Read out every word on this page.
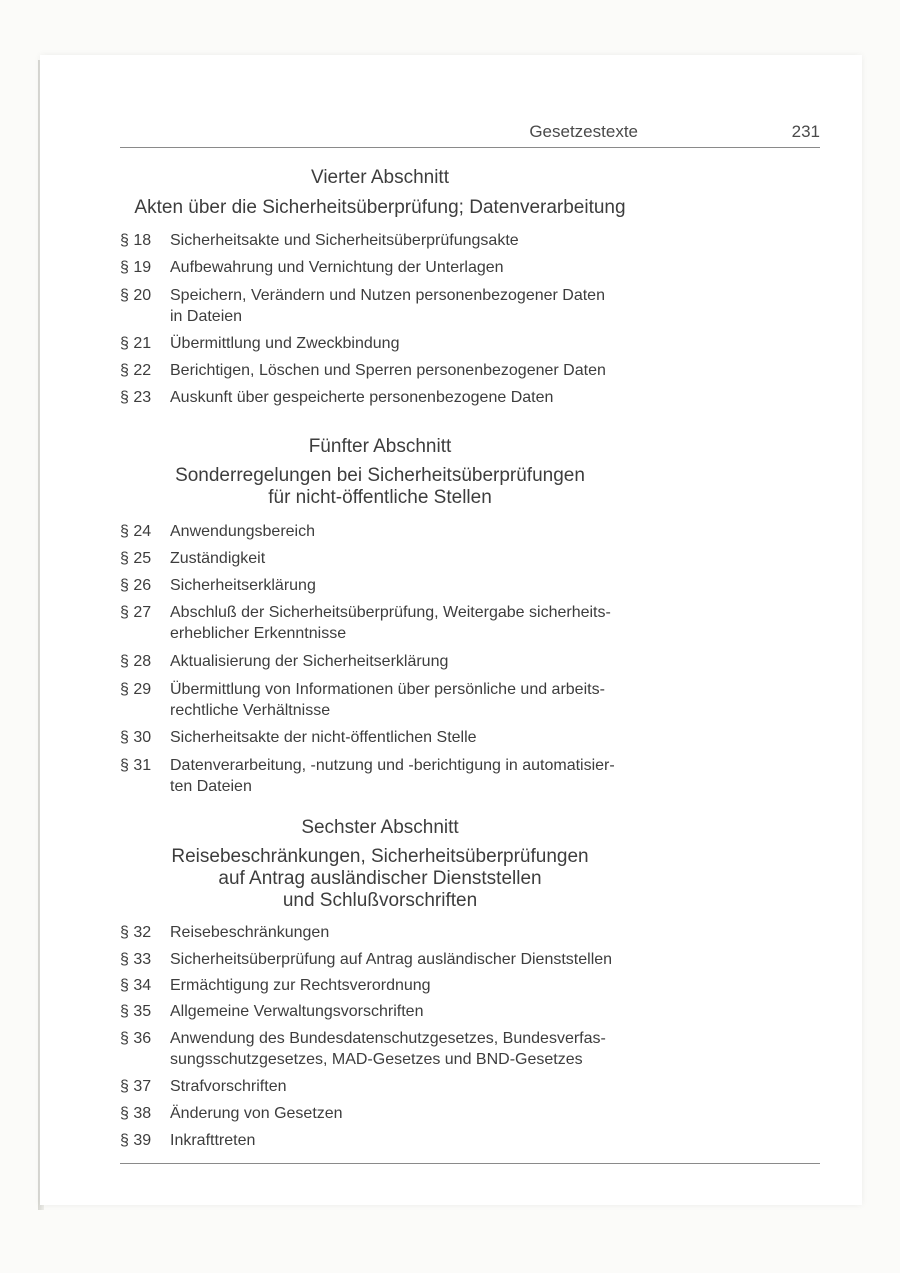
Gesetzestexte	231
Vierter Abschnitt
Akten über die Sicherheitsüberprüfung; Datenverarbeitung
§ 18	Sicherheitsakte und Sicherheitsüberprüfungsakte
§ 19	Aufbewahrung und Vernichtung der Unterlagen
§ 20	Speichern, Verändern und Nutzen personenbezogener Daten
in Dateien
§ 21	Übermittlung und Zweckbindung
§ 22	Berichtigen, Löschen und Sperren personenbezogener Daten
§ 23	Auskunft über gespeicherte personenbezogene Daten
Fünfter Abschnitt
Sonderregelungen bei Sicherheitsüberprüfungen
für nicht-öffentliche Stellen
§ 24	Anwendungsbereich
§ 25	Zuständigkeit
§ 26	Sicherheitserklärung
§ 27	Abschluß der Sicherheitsüberprüfung, Weitergabe sicherheits-
erheblicher Erkenntnisse
§ 28	Aktualisierung der Sicherheitserklärung
§ 29	Übermittlung von Informationen über persönliche und arbeits-
rechtliche Verhältnisse
§ 30	Sicherheitsakte der nicht-öffentlichen Stelle
§ 31	Datenverarbeitung, -nutzung und -berichtigung in automatisier-
ten Dateien
Sechster Abschnitt
Reisebeschränkungen, Sicherheitsüberprüfungen
auf Antrag ausländischer Dienststellen
und Schlußvorschriften
§ 32	Reisebeschränkungen
§ 33	Sicherheitsüberprüfung auf Antrag ausländischer Dienststellen
§ 34	Ermächtigung zur Rechtsverordnung
§ 35	Allgemeine Verwaltungsvorschriften
§ 36	Anwendung des Bundesdatenschutzgesetzes, Bundesverfas-
sungsschutzgesetzes, MAD-Gesetzes und BND-Gesetzes
§ 37	Strafvorschriften
§ 38	Änderung von Gesetzen
§ 39	Inkrafttreten
